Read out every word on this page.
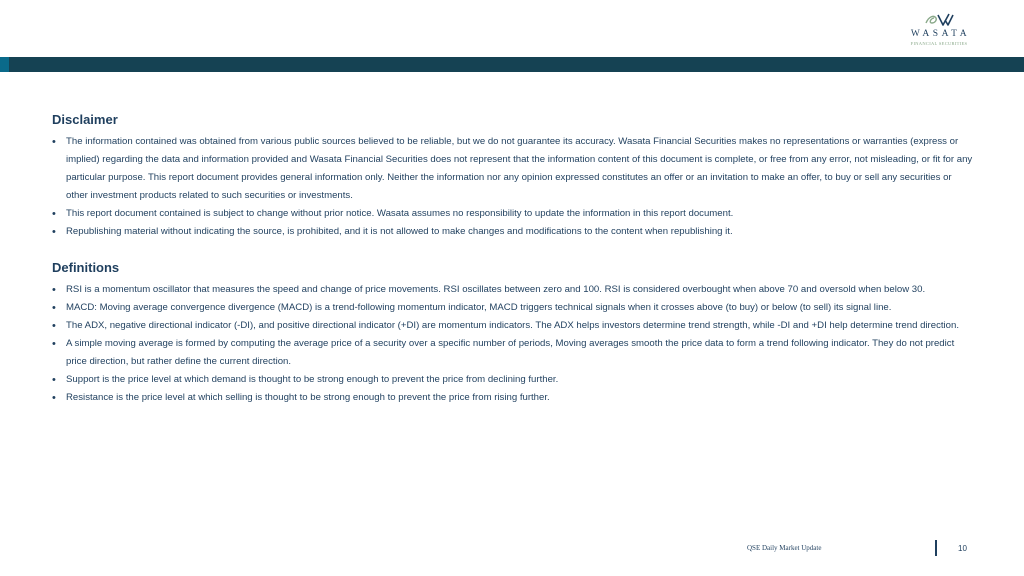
WASATA
FINANCIAL SECURITIES
Disclaimer
• The information contained was obtained from various public sources believed to be reliable, but we do not guarantee its accuracy. Wasata Financial Securities makes no representations or warranties (express or implied) regarding the data and information provided and Wasata Financial Securities does not represent that the information content of this document is complete, or free from any error, not misleading, or fit for any particular purpose. This report document provides general information only. Neither the information nor any opinion expressed constitutes an offer or an invitation to make an offer, to buy or sell any securities or other investment products related to such securities or investments.
• This report document contained is subject to change without prior notice. Wasata assumes no responsibility to update the information in this report document.
• Republishing material without indicating the source, is prohibited, and it is not allowed to make changes and modifications to the content when republishing it.
Definitions
• RSI is a momentum oscillator that measures the speed and change of price movements. RSI oscillates between zero and 100. RSI is considered overbought when above 70 and oversold when below 30.
• MACD: Moving average convergence divergence (MACD) is a trend-following momentum indicator, MACD triggers technical signals when it crosses above (to buy) or below (to sell) its signal line.
• The ADX, negative directional indicator (-DI), and positive directional indicator (+DI) are momentum indicators. The ADX helps investors determine trend strength, while -DI and +DI help determine trend direction.
• A simple moving average is formed by computing the average price of a security over a specific number of periods, Moving averages smooth the price data to form a trend following indicator. They do not predict price direction, but rather define the current direction.
• Support is the price level at which demand is thought to be strong enough to prevent the price from declining further.
• Resistance is the price level at which selling is thought to be strong enough to prevent the price from rising further.
QSE Daily Market Update	10
